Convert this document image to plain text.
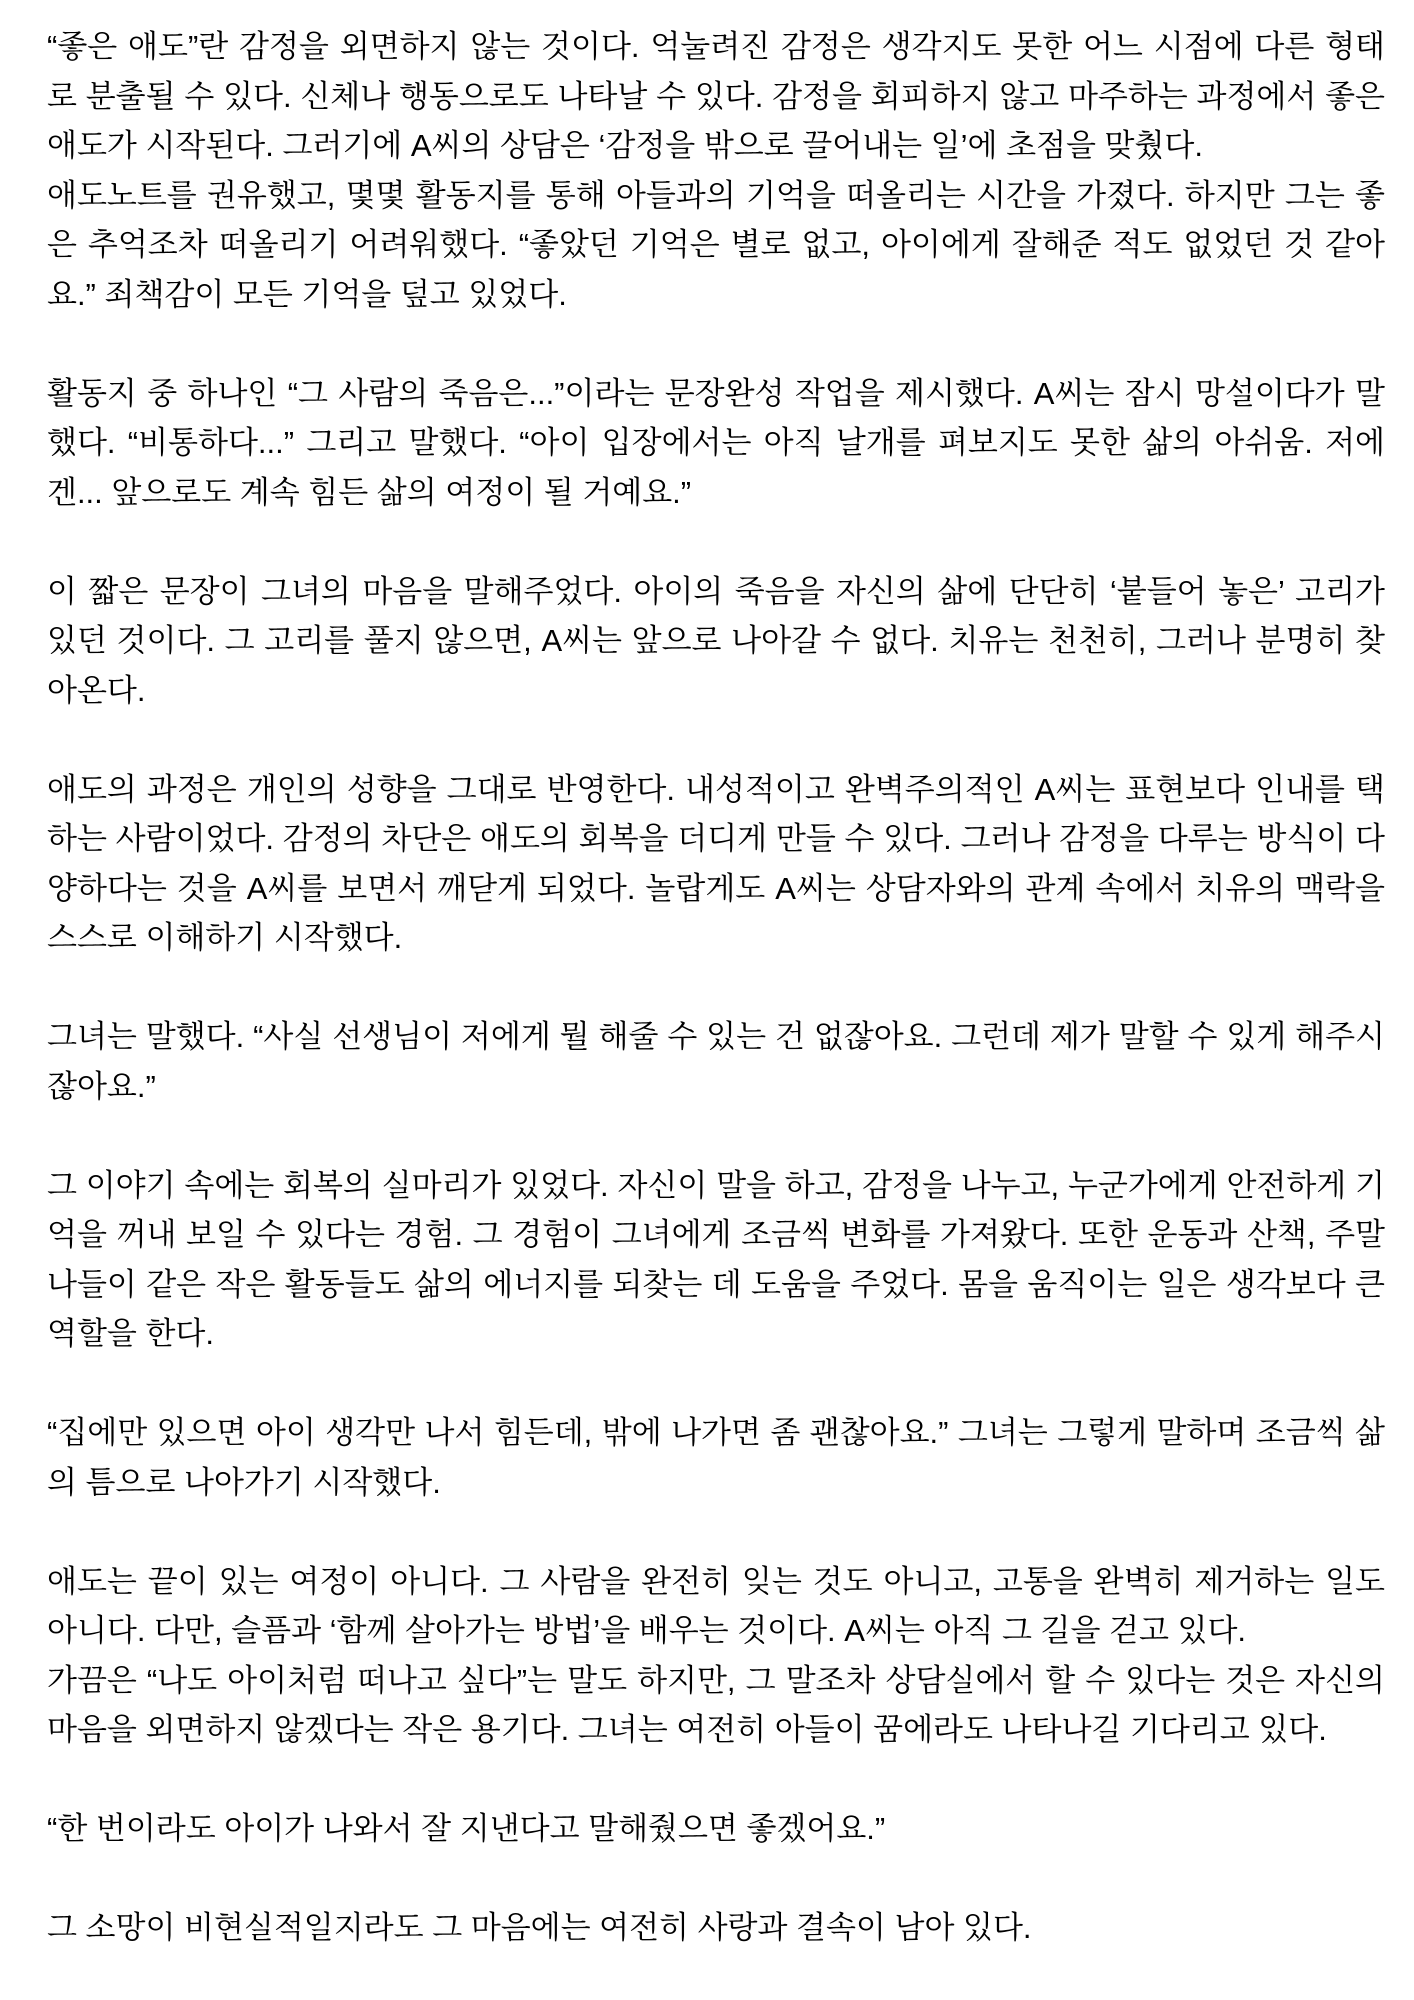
“좋은 애도”란 감정을 외면하지 않는 것이다. 억눌려진 감정은 생각지도 못한 어느 시점에 다른 형태로 분출될 수 있다. 신체나 행동으로도 나타날 수 있다. 감정을 회피하지 않고 마주하는 과정에서 좋은 애도가 시작된다. 그러기에 A씨의 상담은 ‘감정을 밖으로 끌어내는 일’에 초점을 맞췄다.
애도노트를 권유했고, 몇몇 활동지를 통해 아들과의 기억을 떠올리는 시간을 가졌다. 하지만 그는 좋은 추억조차 떠올리기 어려워했다. “좋았던 기억은 별로 없고, 아이에게 잘해준 적도 없었던 것 같아요.” 죄책감이 모든 기억을 덮고 있었다.

활동지 중 하나인 “그 사람의 죽음은...”이라는 문장완성 작업을 제시했다. A씨는 잠시 망설이다가 말했다. “비통하다...” 그리고 말했다. “아이 입장에서는 아직 날개를 펴보지도 못한 삶의 아쉬움. 저에겐... 앞으로도 계속 힘든 삶의 여정이 될 거예요.”

이 짧은 문장이 그녀의 마음을 말해주었다. 아이의 죽음을 자신의 삶에 단단히 ‘붙들어 놓은’ 고리가 있던 것이다. 그 고리를 풀지 않으면, A씨는 앞으로 나아갈 수 없다. 치유는 천천히, 그러나 분명히 찾아온다.

애도의 과정은 개인의 성향을 그대로 반영한다. 내성적이고 완벽주의적인 A씨는 표현보다 인내를 택하는 사람이었다. 감정의 차단은 애도의 회복을 더디게 만들 수 있다. 그러나 감정을 다루는 방식이 다양하다는 것을 A씨를 보면서 깨닫게 되었다. 놀랍게도 A씨는 상담자와의 관계 속에서 치유의 맥락을 스스로 이해하기 시작했다.

그녀는 말했다. “사실 선생님이 저에게 뭘 해줄 수 있는 건 없잖아요. 그런데 제가 말할 수 있게 해주시잖아요.”

그 이야기 속에는 회복의 실마리가 있었다. 자신이 말을 하고, 감정을 나누고, 누군가에게 안전하게 기억을 꺼내 보일 수 있다는 경험. 그 경험이 그녀에게 조금씩 변화를 가져왔다. 또한 운동과 산책, 주말 나들이 같은 작은 활동들도 삶의 에너지를 되찾는 데 도움을 주었다. 몸을 움직이는 일은 생각보다 큰 역할을 한다.

“집에만 있으면 아이 생각만 나서 힘든데, 밖에 나가면 좀 괜찮아요.” 그녀는 그렇게 말하며 조금씩 삶의 틈으로 나아가기 시작했다.

애도는 끝이 있는 여정이 아니다. 그 사람을 완전히 잊는 것도 아니고, 고통을 완벽히 제거하는 일도 아니다. 다만, 슬픔과 ‘함께 살아가는 방법’을 배우는 것이다. A씨는 아직 그 길을 걷고 있다.
가끔은 “나도 아이처럼 떠나고 싶다”는 말도 하지만, 그 말조차 상담실에서 할 수 있다는 것은 자신의 마음을 외면하지 않겠다는 작은 용기다. 그녀는 여전히 아들이 꿈에라도 나타나길 기다리고 있다.

“한 번이라도 아이가 나와서 잘 지낸다고 말해줬으면 좋겠어요.”

그 소망이 비현실적일지라도 그 마음에는 여전히 사랑과 결속이 남아 있다.
